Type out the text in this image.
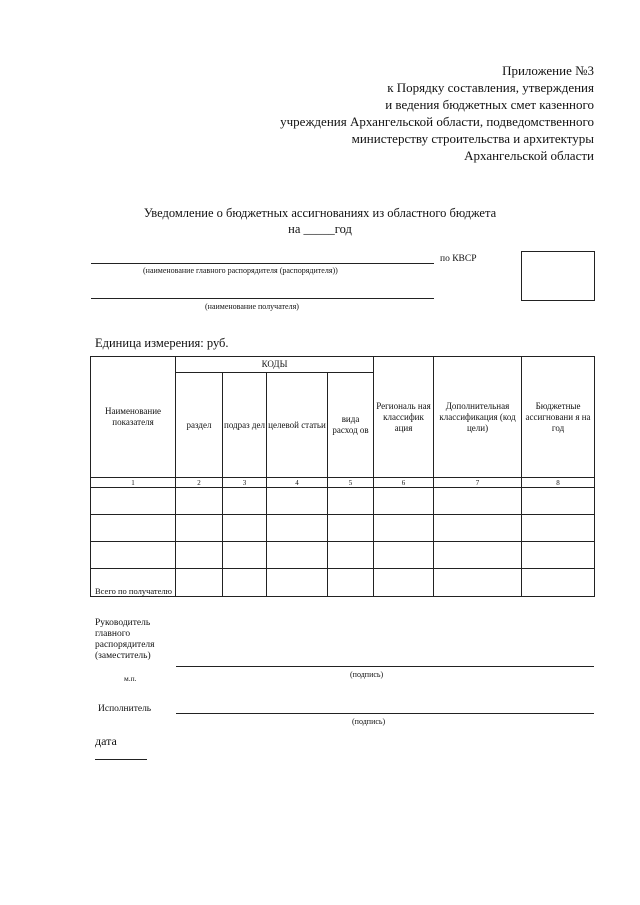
Приложение №3
к Порядку составления, утверждения
и ведения бюджетных смет казенного
учреждения Архангельской области, подведомственного
министерству строительства и архитектуры
Архангельской области
Уведомление о бюджетных ассигнованиях из областного бюджета
на _____год
(наименование главного распорядителя (распорядителя))
по КВСР
(наименование получателя)
Единица измерения: руб.
Наименование показателя	КОДЫ				Региональ ная классифик ация	Дополнительная классификация (код цели)	Бюджетные ассигновани я на год
	раздел	подраз дел	целевой статьи	вида расход ов			
1	2	3	4	5	6	7	8

Всего по получателю							
Руководитель главного распорядителя (заместитель)
(подпись)
м.п.
Исполнитель
(подпись)
дата
